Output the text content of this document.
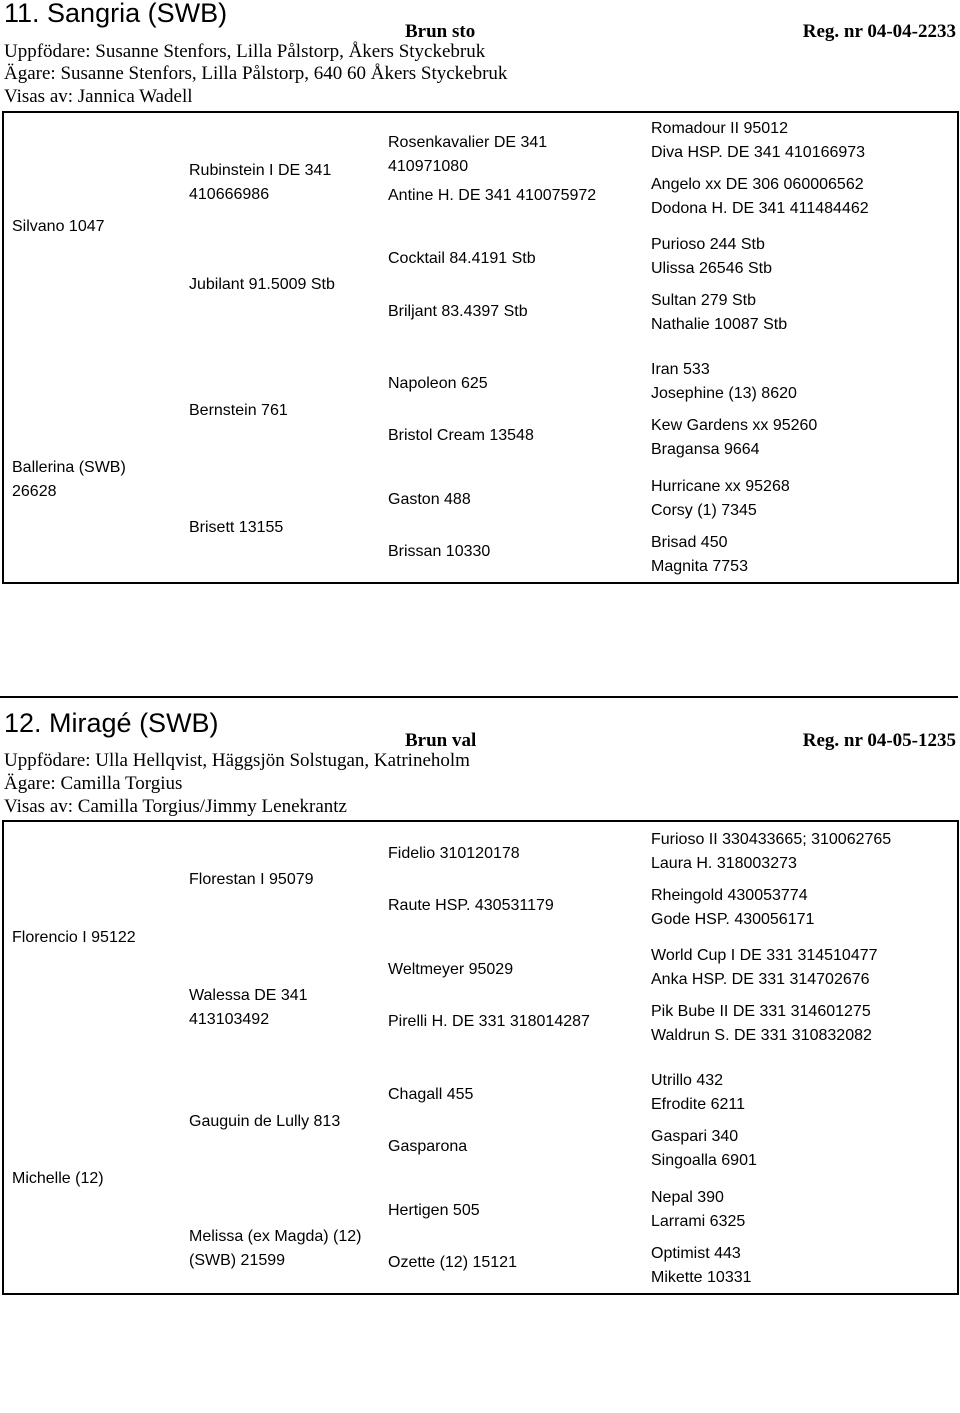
11. Sangria (SWB)
Brun sto	Reg. nr 04-04-2233
Uppfödare: Susanne Stenfors, Lilla Pålstorp, Åkers Styckebruk
Ägare: Susanne Stenfors, Lilla Pålstorp, 640 60 Åkers Styckebruk
Visas av: Jannica Wadell
Silvano 1047
Rubinstein I DE 341
410666986
Jubilant 91.5009 Stb
Rosenkavalier DE 341
410971080
Antine H. DE 341 410075972
Cocktail 84.4191 Stb
Briljant 83.4397 Stb
Romadour II 95012
Diva HSP. DE 341 410166973
Angelo xx DE 306 060006562
Dodona H. DE 341 411484462
Purioso 244 Stb
Ulissa 26546 Stb
Sultan 279 Stb
Nathalie 10087 Stb
Ballerina (SWB)
26628
Bernstein 761
Brisett 13155
Napoleon 625
Bristol Cream 13548
Gaston 488
Brissan 10330
Iran 533
Josephine (13) 8620
Kew Gardens xx 95260
Bragansa 9664
Hurricane xx 95268
Corsy (1) 7345
Brisad 450
Magnita 7753
12. Miragé (SWB)
Brun val	Reg. nr 04-05-1235
Uppfödare: Ulla Hellqvist, Häggsjön Solstugan, Katrineholm
Ägare: Camilla Torgius
Visas av: Camilla Torgius/Jimmy Lenekrantz
Florencio I 95122
Florestan I 95079
Walessa DE 341
413103492
Fidelio 310120178
Raute HSP. 430531179
Weltmeyer 95029
Pirelli H. DE 331 318014287
Furioso II 330433665; 310062765
Laura H. 318003273
Rheingold 430053774
Gode HSP. 430056171
World Cup I DE 331 314510477
Anka HSP. DE 331 314702676
Pik Bube II DE 331 314601275
Waldrun S. DE 331 310832082
Michelle (12)
Gauguin de Lully 813
Melissa (ex Magda) (12)
(SWB) 21599
Chagall 455
Gasparona
Hertigen 505
Ozette (12) 15121
Utrillo 432
Efrodite 6211
Gaspari 340
Singoalla 6901
Nepal 390
Larrami 6325
Optimist 443
Mikette 10331
